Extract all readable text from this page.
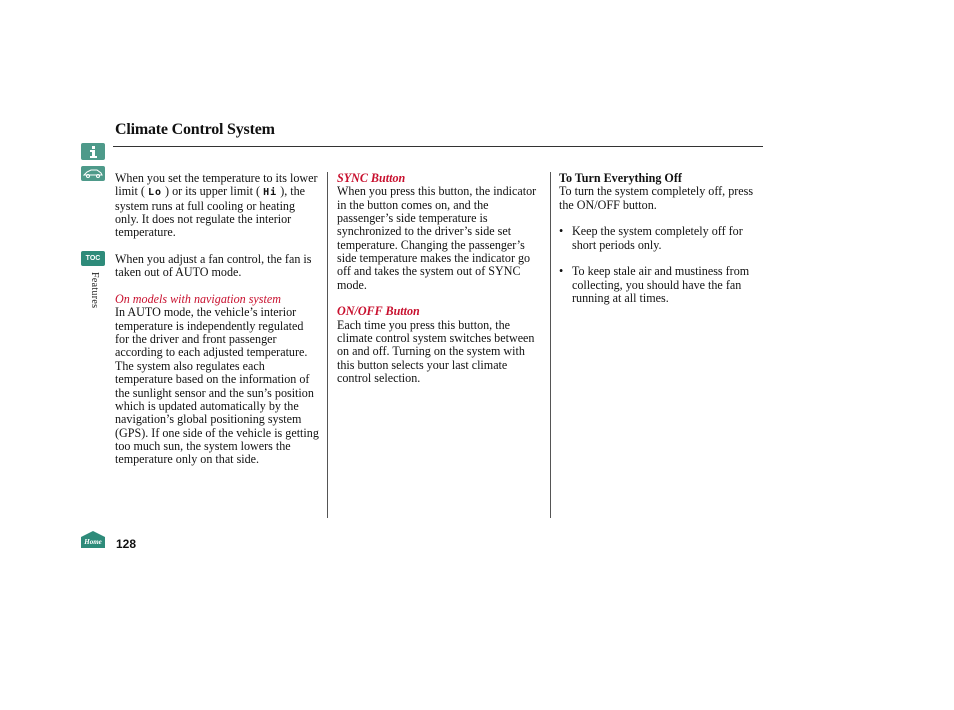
TOC
Features
Climate Control System

When you set the temperature to its lower limit ( Lo ) or its upper limit ( Hi ), the system runs at full cooling or heating only. It does not regulate the interior temperature.

When you adjust a fan control, the fan is taken out of AUTO mode.

On models with navigation system

In AUTO mode, the vehicle’s interior temperature is independently regulated for the driver and front passenger according to each adjusted temperature. The system also regulates each temperature based on the information of the sunlight sensor and the sun’s position which is updated automatically by the navigation’s global positioning system (GPS). If one side of the vehicle is getting too much sun, the system lowers the temperature only on that side.

SYNC Button

When you press this button, the indicator in the button comes on, and the passenger’s side temperature is synchronized to the driver’s side set temperature. Changing the passenger’s side temperature makes the indicator go off and takes the system out of SYNC mode.

ON/OFF Button

Each time you press this button, the climate control system switches between on and off. Turning on the system with this button selects your last climate control selection.

To Turn Everything Off

To turn the system completely off, press the ON/OFF button.

• Keep the system completely off for short periods only.
• To keep stale air and mustiness from collecting, you should have the fan running at all times.
Home 128
